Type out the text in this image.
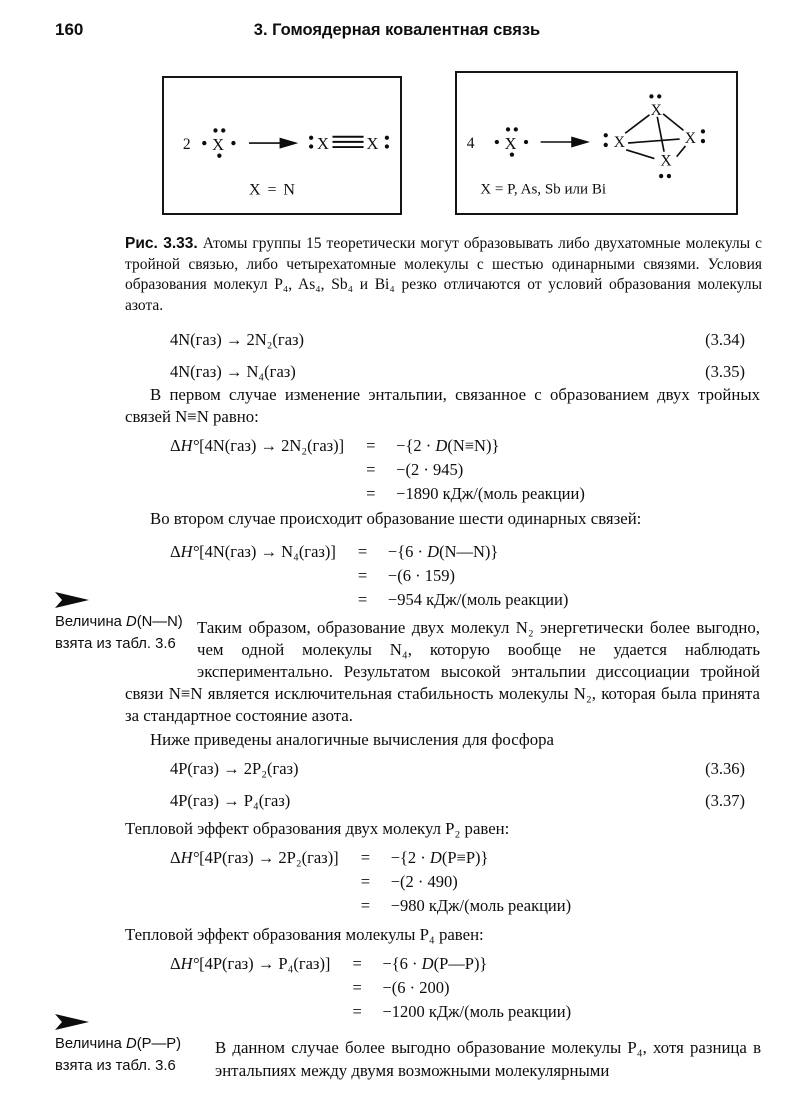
160	3. Гомоядерная ковалентная связь
2 X	X X
X = N
4 X
X
X	X
X
X = P, As, Sb или Bi
Рис. 3.33. Атомы группы 15 теоретически могут образовывать либо двухатомные молекулы с тройной связью, либо четырехатомные молекулы с шестью одинарными связями. Условия образования молекул P₄, As₄, Sb₄ и Bi₄ резко отличаются от условий образования молекулы азота.
4N(газ) → 2N₂(газ)	(3.34)
4N(газ) → N₄(газ)	(3.35)
В первом случае изменение энтальпии, связанное с образованием двух тройных связей N≡N равно:
ΔH°[4N(газ) → 2N₂(газ)] =	−{2 · D(N≡N)}
=	−(2 · 945)
=	−1890 кДж/(моль реакции)
Во втором случае происходит образование шести одинарных связей:
ΔH°[4N(газ) → N₄(газ)] =	−{6 · D(N—N)}
=	−(6 · 159)
=	−954 кДж/(моль реакции)
Величина D(N—N)
взята из табл. 3.6
Таким образом, образование двух молекул N₂ энергетически более выгодно, чем одной молекулы N₄, которую вообще не удается наблюдать экспериментально. Результатом высокой энтальпии диссоциации тройной связи N≡N является исключительная стабильность молекулы N₂, которая была принята за стандартное состояние азота.
Ниже приведены аналогичные вычисления для фосфора
4P(газ) → 2P₂(газ)	(3.36)
4P(газ) → P₄(газ)	(3.37)
Тепловой эффект образования двух молекул P₂ равен:
ΔH°[4P(газ) → 2P₂(газ)] =	−{2 · D(P≡P)}
=	−(2 · 490)
=	−980 кДж/(моль реакции)
Тепловой эффект образования молекулы P₄ равен:
ΔH°[4P(газ) → P₄(газ)] =	−{6 · D(P—P)}
=	−(6 · 200)
=	−1200 кДж/(моль реакции)
Величина D(P—P)
взята из табл. 3.6
В данном случае более выгодно образование молекулы P₄, хотя разница в энтальпиях между двумя возможными молекулярными
